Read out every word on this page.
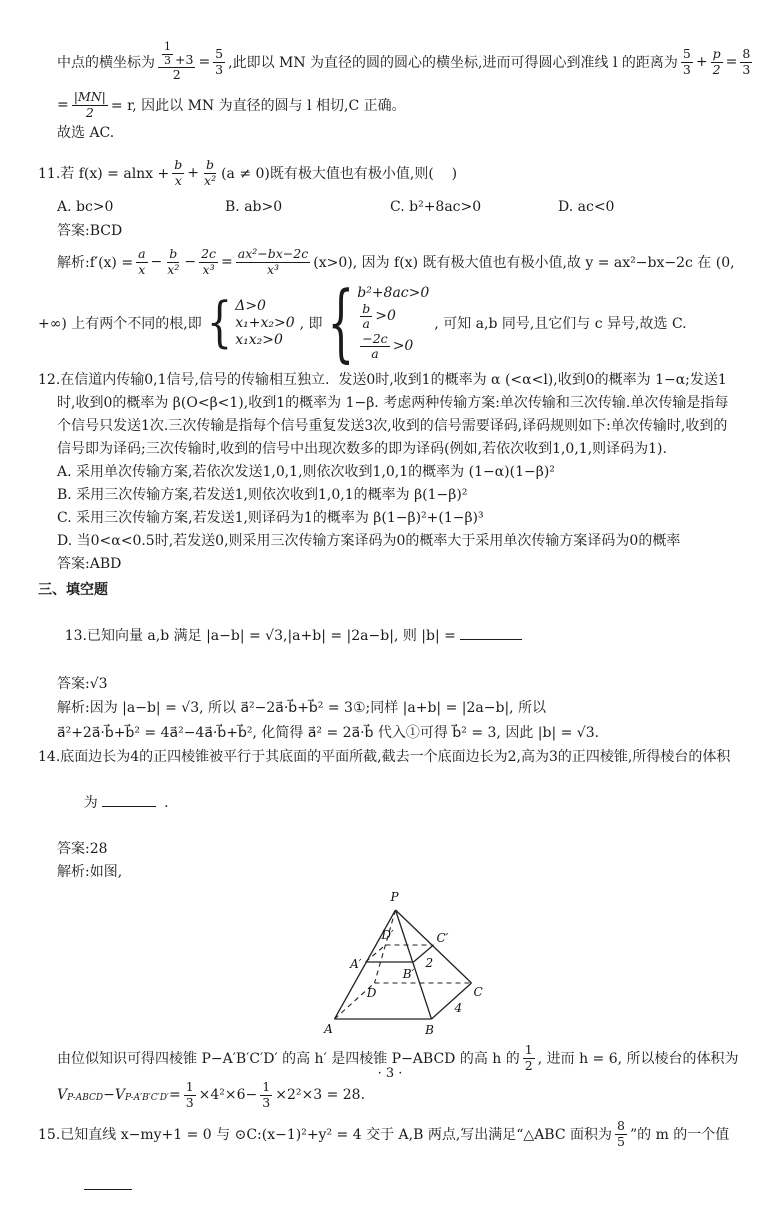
中点的横坐标为 $\frac{\frac{1}{3} +3}{2} = \frac{5}{3}$ ,此即以 MN 为直径的圆的圆心的横坐标,进而可得圆心到准线 l 的距离为 $\frac{5}{3} + \frac{p}{2} = \frac{8}{3}$
= $\frac{|MN|}{2} = r$, 因此以 MN 为直径的圆与 l 相切,C 正确。
故选 AC.
11.若 $f(x) = alnx + \frac{b}{x} + \frac{b}{\text{x²}} (a \ne 0)$既有极大值也有极小值,则(    )
A. bc>0	B. ab>0	C. b²+8ac>0	D. ac<0
答案:BCD
解析:f′(x) = $\frac{a}{x} - \frac{b}{\text{x²}} - \frac{2c}{\text{x³}} = \frac{\text{ax²−bx−2c}}{\text{x³}} (x>0)$, 因为 f(x) 既有极大值也有极小值,故 y = ax²−bx−2c 在 (0,
+∞) 上有两个不同的根,即 { Δ>0
x₁+x₂>0
x₁x₂>0
, 即 { b²+8ac>0
$\frac{b}{a} >0$
$\frac{-2c}{a} >0$
, 可知 a,b 同号,且它们与 c 异号,故选 C.
12.在信道内传输0,1信号,信号的传输相互独立.  发送0时,收到1的概率为 α (<α<l),收到0的概率为 1−α;发送1
时,收到0的概率为 β(O<β<1),收到1的概率为 1−β. 考虑两种传输方案:单次传输和三次传输.单次传输是指每
个信号只发送1次.三次传输是指每个信号重复发送3次,收到的信号需要译码,译码规则如下:单次传输时,收到的
信号即为译码;三次传输时,收到的信号中出现次数多的即为译码(例如,若依次收到1,0,1,则译码为1).
A. 采用单次传输方案,若依次发送1,0,1,则依次收到1,0,1的概率为 (1−α)(1−β)²
B. 采用三次传输方案,若发送1,则依次收到1,0,1的概率为 β(1−β)²
C. 采用三次传输方案,若发送1,则译码为1的概率为 β(1−β)²+(1−β)³
D. 当0<α<0.5时,若发送0,则采用三次传输方案译码为0的概率大于采用单次传输方案译码为0的概率
答案:ABD
三、填空题

13.已知向量 a,b 满足 |a−b| = √3,|a+b| = |2a−b|, 则 |b| =

答案:√3
解析:因为 |a−b| = √3, 所以 a⃗²−2a⃗·b⃗+b⃗² = 3①;同样 |a+b| = |2a−b|, 所以
a⃗²+2a⃗·b⃗+b⃗² = 4a⃗²−4a⃗·b⃗+b⃗², 化简得 a⃗² = 2a⃗·b⃗ 代入①可得 b⃗² = 3, 因此 |b| = √3.
14.底面边长为4的正四棱锥被平行于其底面的平面所截,截去一个底面边长为2,高为3的正四棱锥,所得棱台的体积

为	.

答案:28
解析:如图,
P
A	B
C
D
A′
B′
C′
D′
2
4
由位似知识可得四棱锥 P−A′B′C′D′ 的高 h′ 是四棱锥 P−ABCD 的高 h 的 $\frac{1}{2}$ , 进而 h = 6, 所以棱台的体积为
$V_{P-ABCD} -V_{P-A'B'C'D'} = \frac{1}{3} \times 4^2\times 6- \frac{1}{3} \times 2^2\times 3 = 28$.
15.已知直线 x−my+1 = 0 与 ⊙C:(x−1)²+y² = 4 交于 A,B 两点,写出满足“△ABC 面积为 $\frac{8}{5}$ ”的 m 的一个值

· 3 ·
